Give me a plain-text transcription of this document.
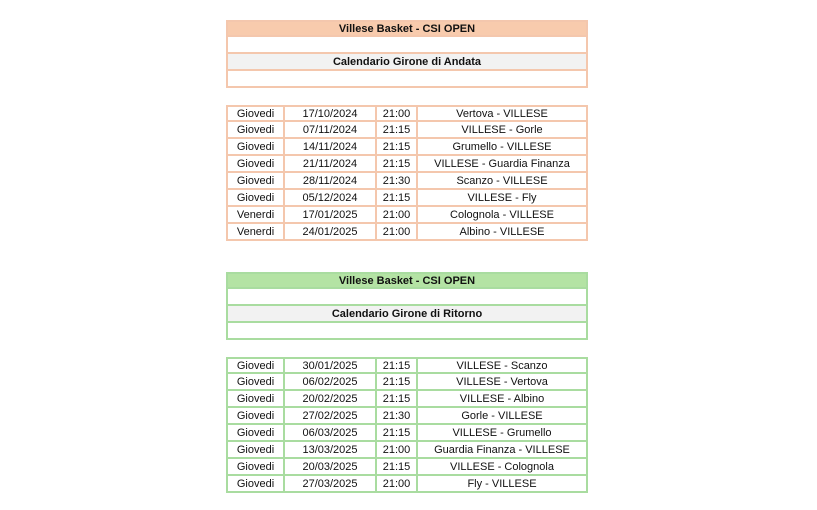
Villese Basket - CSI OPEN
Calendario Girone di Andata
Giovedi	17/10/2024	21:00	Vertova - VILLESE
Giovedi	07/11/2024	21:15	VILLESE - Gorle
Giovedi	14/11/2024	21:15	Grumello - VILLESE
Giovedi	21/11/2024	21:15	VILLESE - Guardia Finanza
Giovedi	28/11/2024	21:30	Scanzo - VILLESE
Giovedi	05/12/2024	21:15	VILLESE - Fly
Venerdi	17/01/2025	21:00	Colognola - VILLESE
Venerdi	24/01/2025	21:00	Albino - VILLESE
Villese Basket - CSI OPEN
Calendario Girone di Ritorno
Giovedi	30/01/2025	21:15	VILLESE - Scanzo
Giovedi	06/02/2025	21:15	VILLESE - Vertova
Giovedi	20/02/2025	21:15	VILLESE - Albino
Giovedi	27/02/2025	21:30	Gorle - VILLESE
Giovedi	06/03/2025	21:15	VILLESE - Grumello
Giovedi	13/03/2025	21:00	Guardia Finanza - VILLESE
Giovedi	20/03/2025	21:15	VILLESE - Colognola
Giovedi	27/03/2025	21:00	Fly - VILLESE
